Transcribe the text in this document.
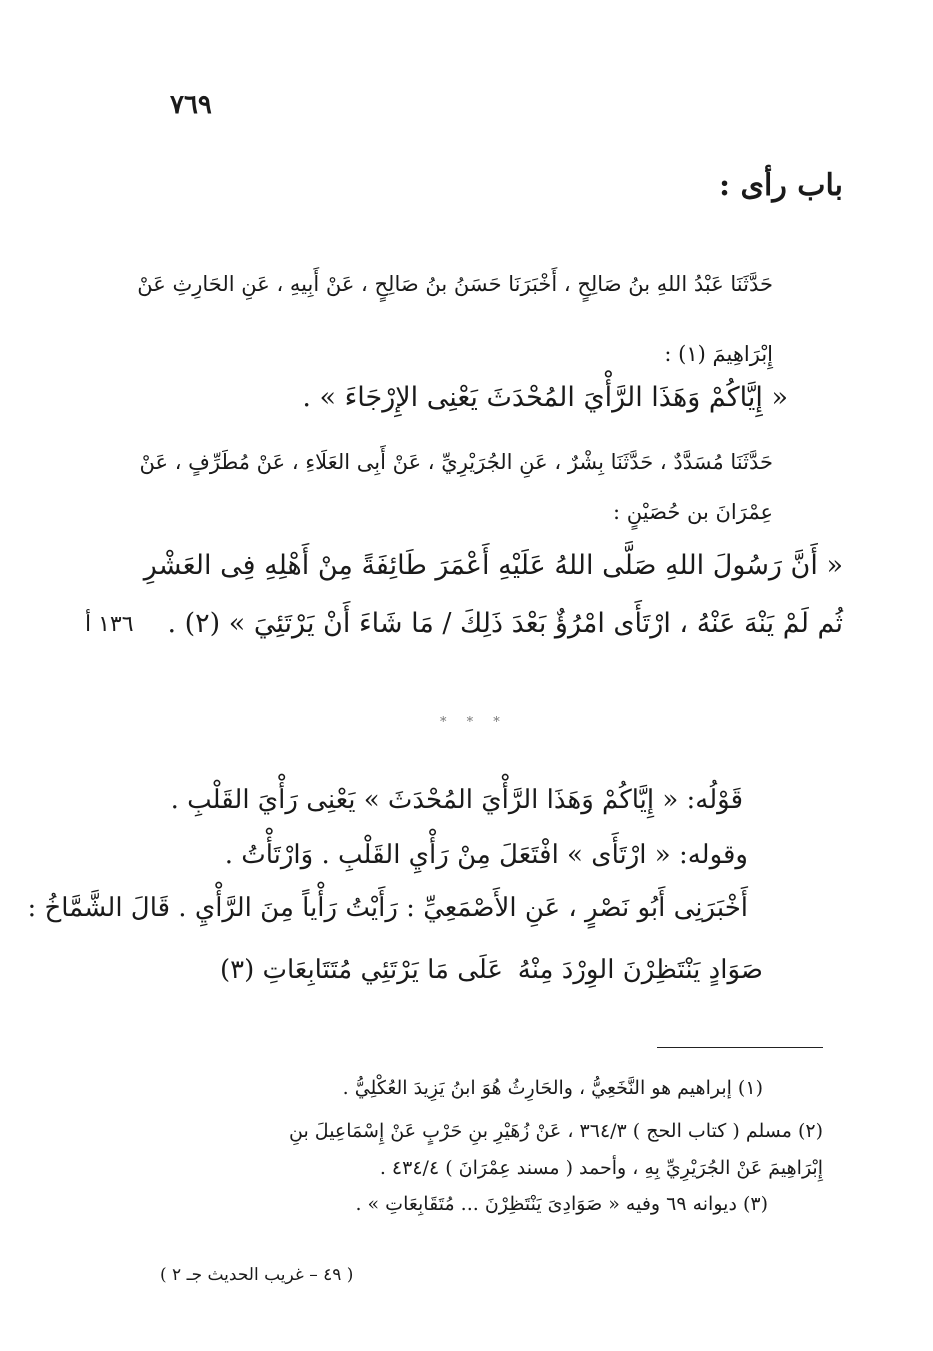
٧٦٩
باب رأى :
حَدَّثَنَا عَبْدُ اللهِ بنُ صَالِحٍ ، أَخْبَرَنَا حَسَنُ بنُ صَالِحٍ ، عَنْ أَبِيهِ ، عَنِ الحَارِثِ عَنْ
إِبْرَاهِيمَ (١) :
« إِيَّاكُمْ وَهَذَا الرَّأْيَ المُحْدَثَ يَعْنِى الإِرْجَاءَ » .
حَدَّثَنَا مُسَدَّدٌ ، حَدَّثَنَا بِشْرٌ ، عَنِ الجُرَيْرِيِّ ، عَنْ أَبِى العَلَاءِ ، عَنْ مُطَرِّفٍ ، عَنْ
عِمْرَانَ بن حُصَيْنٍ :
« أَنَّ رَسُولَ اللهِ صَلَّى اللهُ عَلَيْهِ أَعْمَرَ طَائِفَةً مِنْ أَهْلِهِ فِى العَشْرِ
ثُم لَمْ يَنْهَ عَنْهُ ، ارْتَأَى امْرُؤٌ بَعْدَ ذَلِكَ / مَا شَاءَ أَنْ يَرْتَئِيَ » (٢) .
١٣٦ أ
* * *
قَوْلُه: « إِيَّاكُمْ وَهَذَا الرَّأْيَ المُحْدَثَ » يَعْنِى رَأْيَ القَلْبِ .
وقوله: « ارْتَأَى » افْتَعَلَ مِنْ رَأْيِ القَلْبِ . وَارْتَأْتُ .
أَخْبَرَنِى أَبُو نَصْرٍ ، عَنِ الأَصْمَعِيِّ : رَأَيْتُ رَأْياً مِنَ الرَّأْيِ . قَالَ الشَّمَّاخُ :
صَوَادٍ يَنْتَظِرْنَ الوِرْدَ مِنْهُ
عَلَى مَا يَرْتَئِي مُتَتَابِعَاتِ (٣)
(١) إبراهيم هو النَّخَعِيُّ ، والحَارِثُ هُوَ ابنُ يَزِيدَ العُكْلِيُّ .
(٢) مسلم ( كتاب الحج ) ٣٦٤/٣ ، عَنْ زُهَيْرِ بنِ حَرْبٍ عَنْ إِسْمَاعِيلَ بنِ
إِبْرَاهِيمَ عَنْ الجُرَيْرِيِّ بِهِ ، وأحمد ( مسند عِمْرَانَ ) ٤٣٤/٤ .
(٣) ديوانه ٦٩ وفيه « صَوَادِىَ يَنْتَظِرْنَ ... مُتَقَابِعَاتِ » .
( ٤٩ – غريب الحديث جـ ٢ )
